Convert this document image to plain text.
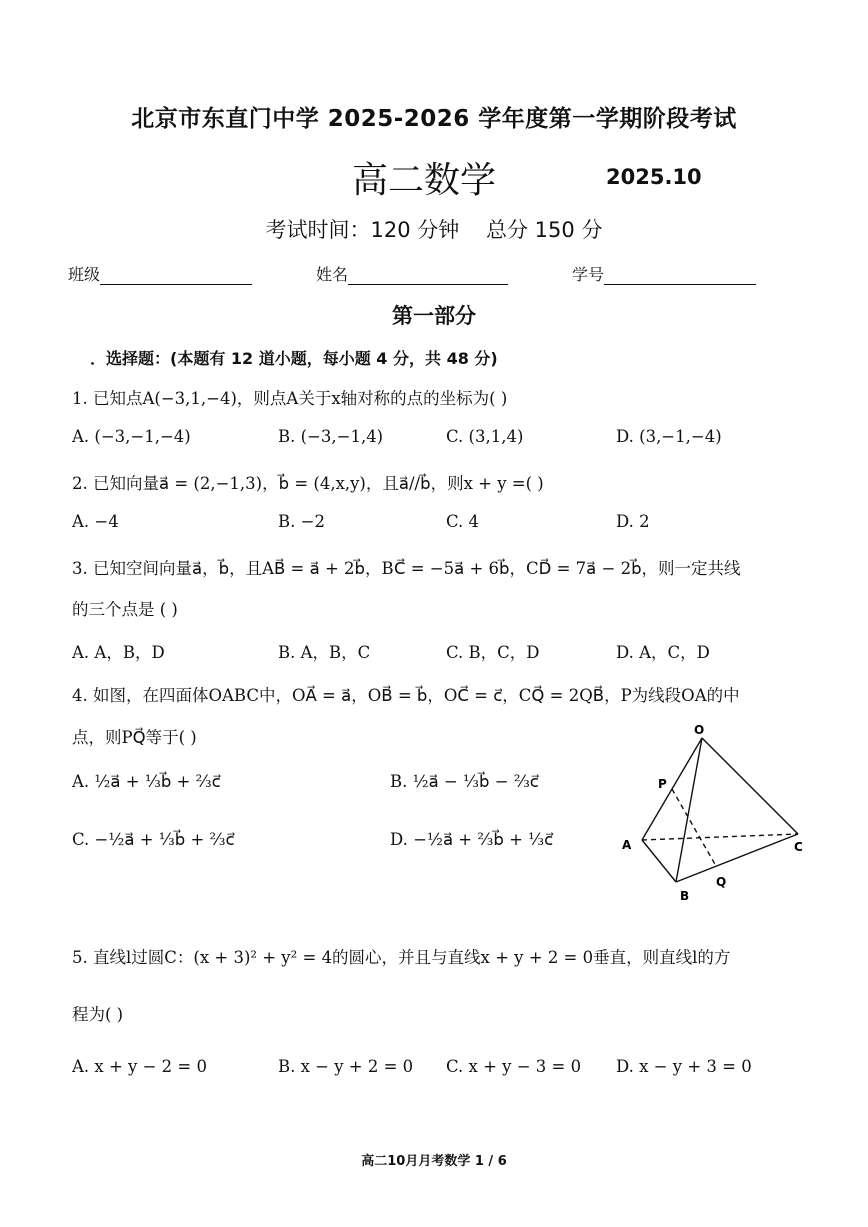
北京市东直门中学 2025-2026 学年度第一学期阶段考试
高二数学	2025.10
考试时间：120 分钟    总分 150 分
班级	姓名	学号
第一部分
．选择题：(本题有 12 道小题，每小题 4 分，共 48 分)
1. 已知点A(−3,1,−4)，则点A关于x轴对称的点的坐标为( )
A. (−3,−1,−4)	B. (−3,−1,4)	C. (3,1,4)	D. (3,−1,−4)
2. 已知向量a⃗ = (2,−1,3)，b⃗ = (4,x,y)，且a⃗//b⃗，则x + y =( )
A. −4	B. −2	C. 4	D. 2
3. 已知空间向量a⃗，b⃗，且AB⃗ = a⃗ + 2b⃗，BC⃗ = −5a⃗ + 6b⃗，CD⃗ = 7a⃗ − 2b⃗，则一定共线
的三个点是 ( )
A. A，B，D	B. A，B，C	C. B，C，D	D. A，C，D
4. 如图，在四面体OABC中，OA⃗ = a⃗，OB⃗ = b⃗，OC⃗ = c⃗，CQ⃗ = 2QB⃗，P为线段OA的中
点，则PQ⃗等于( )
A. ½a⃗ + ⅓b⃗ + ⅔c⃗	B. ½a⃗ − ⅓b⃗ − ⅔c⃗
C. −½a⃗ + ⅓b⃗ + ⅔c⃗	D. −½a⃗ + ⅔b⃗ + ⅓c⃗
O
P
A
B
Q
C
5. 直线l过圆C：(x + 3)² + y² = 4的圆心，并且与直线x + y + 2 = 0垂直，则直线l的方
程为( )
A. x + y − 2 = 0	B. x − y + 2 = 0 C. x + y − 3 = 0 D. x − y + 3 = 0
高二10月月考数学 1 / 6
